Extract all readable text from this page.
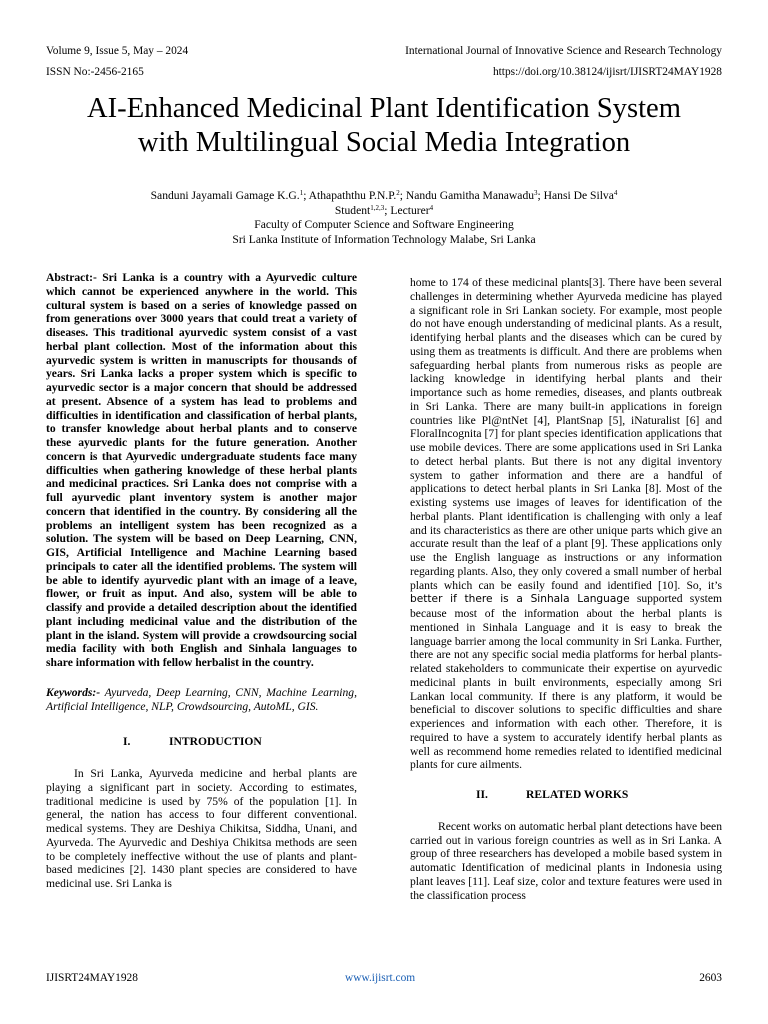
Volume 9, Issue 5, May – 2024	International Journal of Innovative Science and Research Technology
ISSN No:-2456-2165	https://doi.org/10.38124/ijisrt/IJISRT24MAY1928
AI-Enhanced Medicinal Plant Identification System
with Multilingual Social Media Integration
Sanduni Jayamali Gamage K.G.$^1$; Athapaththu P.N.P.$^2$; Nandu Gamitha Manawadu$^3$; Hansi De Silva$^4$
Student$^{1,2,3}$; Lecturer$^4$
Faculty of Computer Science and Software Engineering
Sri Lanka Institute of Information Technology Malabe, Sri Lanka

Abstract:- Sri Lanka is a country with a Ayurvedic culture which cannot be experienced anywhere in the world. This cultural system is based on a series of knowledge passed on from generations over 3000 years that could treat a variety of diseases. This traditional ayurvedic system consist of a vast herbal plant collection. Most of the information about this ayurvedic system is written in manuscripts for thousands of years. Sri Lanka lacks a proper system which is specific to ayurvedic sector is a major concern that should be addressed at present. Absence of a system has lead to problems and difficulties in identification and classification of herbal plants, to transfer knowledge about herbal plants and to conserve these ayurvedic plants for the future generation. Another concern is that Ayurvedic undergraduate students face many difficulties when gathering knowledge of these herbal plants and medicinal practices. Sri Lanka does not comprise with a full ayurvedic plant inventory system is another major concern that identified in the country. By considering all the problems an intelligent system has been recognized as a solution. The system will be based on Deep Learning, CNN, GIS, Artificial Intelligence and Machine Learning based principals to cater all the identified problems. The system will be able to identify ayurvedic plant with an image of a leave, flower, or fruit as input. And also, system will be able to classify and provide a detailed description about the identified plant including medicinal value and the distribution of the plant in the island. System will provide a crowdsourcing social media facility with both English and Sinhala languages to share information with fellow herbalist in the country.

Keywords:- Ayurveda, Deep Learning, CNN, Machine Learning, Artificial Intelligence, NLP, Crowdsourcing, AutoML, GIS.

I.	INTRODUCTION

In Sri Lanka, Ayurveda medicine and herbal plants are playing a significant part in society. According to estimates, traditional medicine is used by 75% of the population [1]. In general, the nation has access to four different conventional. medical systems. They are Deshiya Chikitsa, Siddha, Unani, and Ayurveda. The Ayurvedic and Deshiya Chikitsa methods are seen to be completely ineffective without the use of plants and plant-based medicines [2]. 1430 plant species are considered to have medicinal use. Sri Lanka is

home to 174 of these medicinal plants[3]. There have been several challenges in determining whether Ayurveda medicine has played a significant role in Sri Lankan society. For example, most people do not have enough understanding of medicinal plants. As a result, identifying herbal plants and the diseases which can be cured by using them as treatments is difficult. And there are problems when safeguarding herbal plants from numerous risks as people are lacking knowledge in identifying herbal plants and their importance such as home remedies, diseases, and plants outbreak in Sri Lanka. There are many built-in applications in foreign countries like Pl@ntNet [4], PlantSnap [5], iNaturalist [6] and FloralIncognita [7] for plant species identification applications that use mobile devices. There are some applications used in Sri Lanka to detect herbal plants. But there is not any digital inventory system to gather information and there are a handful of applications to detect herbal plants in Sri Lanka [8]. Most of the existing systems use images of leaves for identification of the herbal plants. Plant identification is challenging with only a leaf and its characteristics as there are other unique parts which give an accurate result than the leaf of a plant [9]. These applications only use the English language as instructions or any information regarding plants. Also, they only covered a small number of herbal plants which can be easily found and identified [10]. So, it’s better if there is a Sinhala Language supported system because most of the information about the herbal plants is mentioned in Sinhala Language and it is easy to break the language barrier among the local community in Sri Lanka. Further, there are not any specific social media platforms for herbal plants-related stakeholders to communicate their expertise on ayurvedic medicinal plants in built environments, especially among Sri Lankan local community. If there is any platform, it would be beneficial to discover solutions to specific difficulties and share experiences and information with each other. Therefore, it is required to have a system to accurately identify herbal plants as well as recommend home remedies related to identified medicinal plants for cure ailments.

II.	RELATED WORKS

Recent works on automatic herbal plant detections have been carried out in various foreign countries as well as in Sri Lanka. A group of three researchers has developed a mobile based system in automatic Identification of medicinal plants in Indonesia using plant leaves [11]. Leaf size, color and texture features were used in the classification process

IJISRT24MAY1928	www.ijisrt.com	2603
